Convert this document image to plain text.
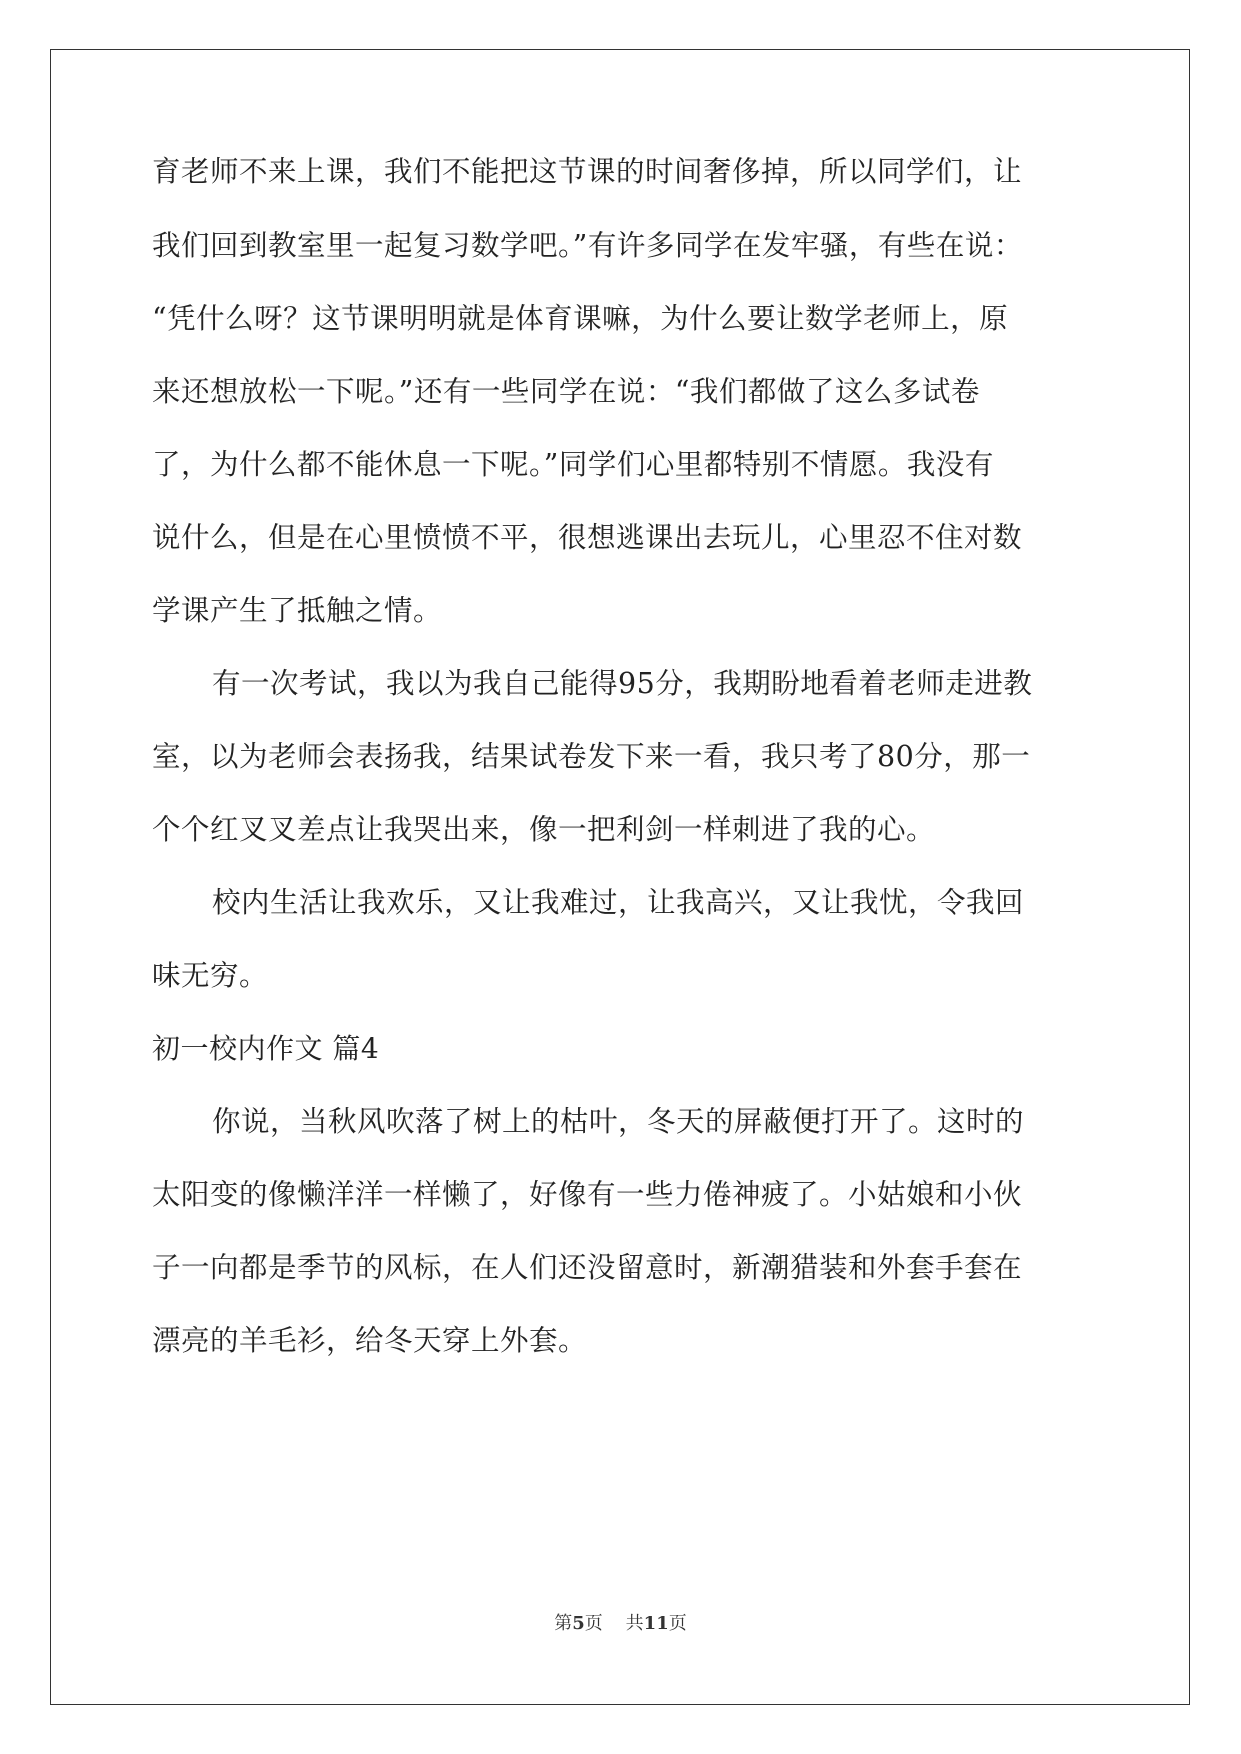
育老师不来上课，我们不能把这节课的时间奢侈掉，所以同学们，让
我们回到教室里一起复习数学吧。”有许多同学在发牢骚，有些在说：
“凭什么呀？这节课明明就是体育课嘛，为什么要让数学老师上，原
来还想放松一下呢。”还有一些同学在说：“我们都做了这么多试卷
了，为什么都不能休息一下呢。”同学们心里都特别不情愿。我没有
说什么，但是在心里愤愤不平，很想逃课出去玩儿，心里忍不住对数
学课产生了抵触之情。
有一次考试，我以为我自己能得95分，我期盼地看着老师走进教
室，以为老师会表扬我，结果试卷发下来一看，我只考了80分，那一
个个红叉叉差点让我哭出来，像一把利剑一样刺进了我的心。
校内生活让我欢乐，又让我难过，让我高兴，又让我忧，令我回
味无穷。
初一校内作文 篇4
你说，当秋风吹落了树上的枯叶，冬天的屏蔽便打开了。这时的
太阳变的像懒洋洋一样懒了，好像有一些力倦神疲了。小姑娘和小伙
子一向都是季节的风标，在人们还没留意时，新潮猎装和外套手套在
漂亮的羊毛衫，给冬天穿上外套。
第5页 共11页
